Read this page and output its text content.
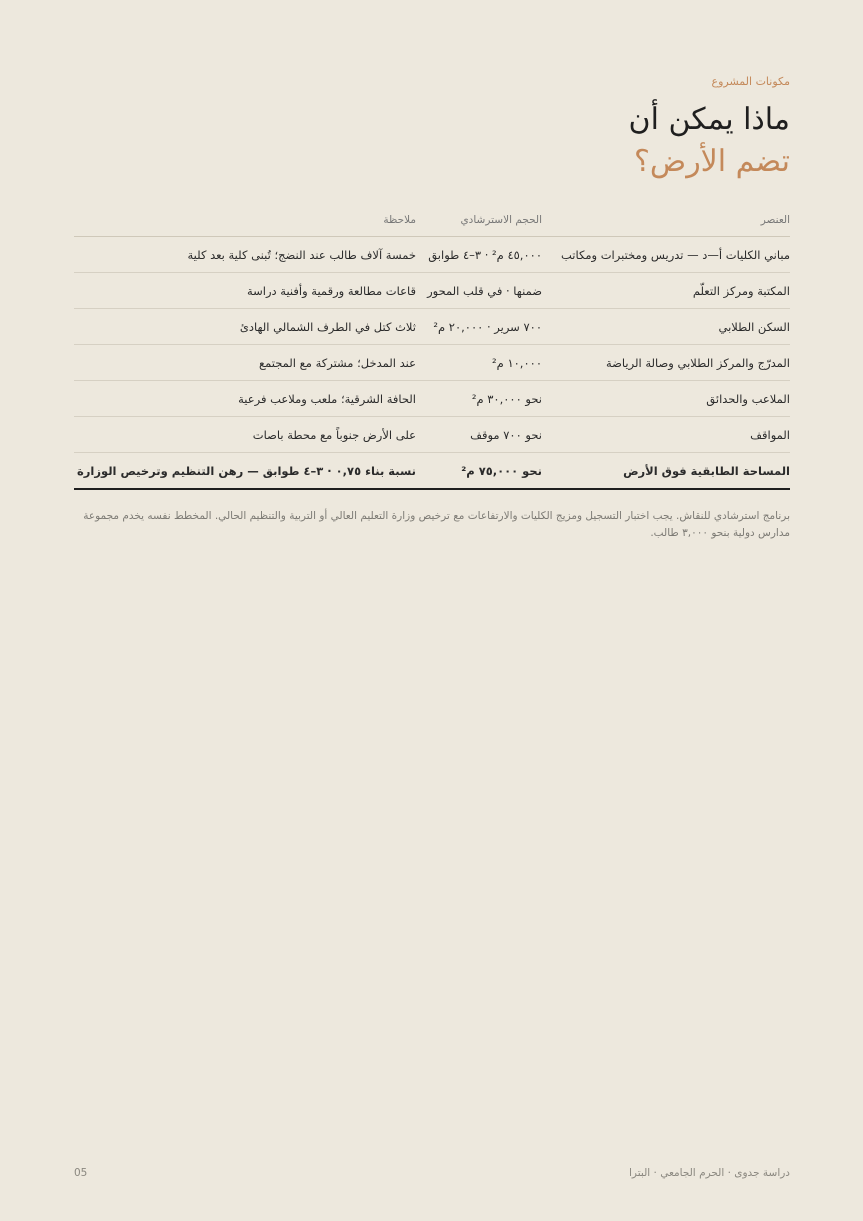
مكونات المشروع
ماذا يمكن أن
تضم الأرض؟
العنصر	الحجم الاسترشادي	ملاحظة
مباني الكليات أ—د — تدريس ومختبرات ومكاتب	٤٥,٠٠٠ م² · ٣–٤ طوابق	خمسة آلاف طالب عند النضج؛ تُبنى كلية بعد كلية
المكتبة ومركز التعلّم	ضمنها · في قلب المحور	قاعات مطالعة ورقمية وأفنية دراسة
السكن الطلابي	٧٠٠ سرير · ٢٠,٠٠٠ م²	ثلاث كتل في الطرف الشمالي الهادئ
المدرّج والمركز الطلابي وصالة الرياضة	١٠,٠٠٠ م²	عند المدخل؛ مشتركة مع المجتمع
الملاعب والحدائق	نحو ٣٠,٠٠٠ م²	الحافة الشرقية؛ ملعب وملاعب فرعية
المواقف	نحو ٧٠٠ موقف	على الأرض جنوباً مع محطة باصات
المساحة الطابقية فوق الأرض	نحو ٧٥,٠٠٠ م²	نسبة بناء ٠,٧٥ · ٣–٤ طوابق — رهن التنظيم وترخيص الوزارة
برنامج استرشادي للنقاش. يجب اختبار التسجيل ومزيج الكليات والارتفاعات مع ترخيص وزارة التعليم العالي أو التربية والتنظيم الحالي. المخطط نفسه يخدم مجموعة مدارس دولية بنحو ٣,٠٠٠ طالب.
05	دراسة جدوى · الحرم الجامعي · البترا
